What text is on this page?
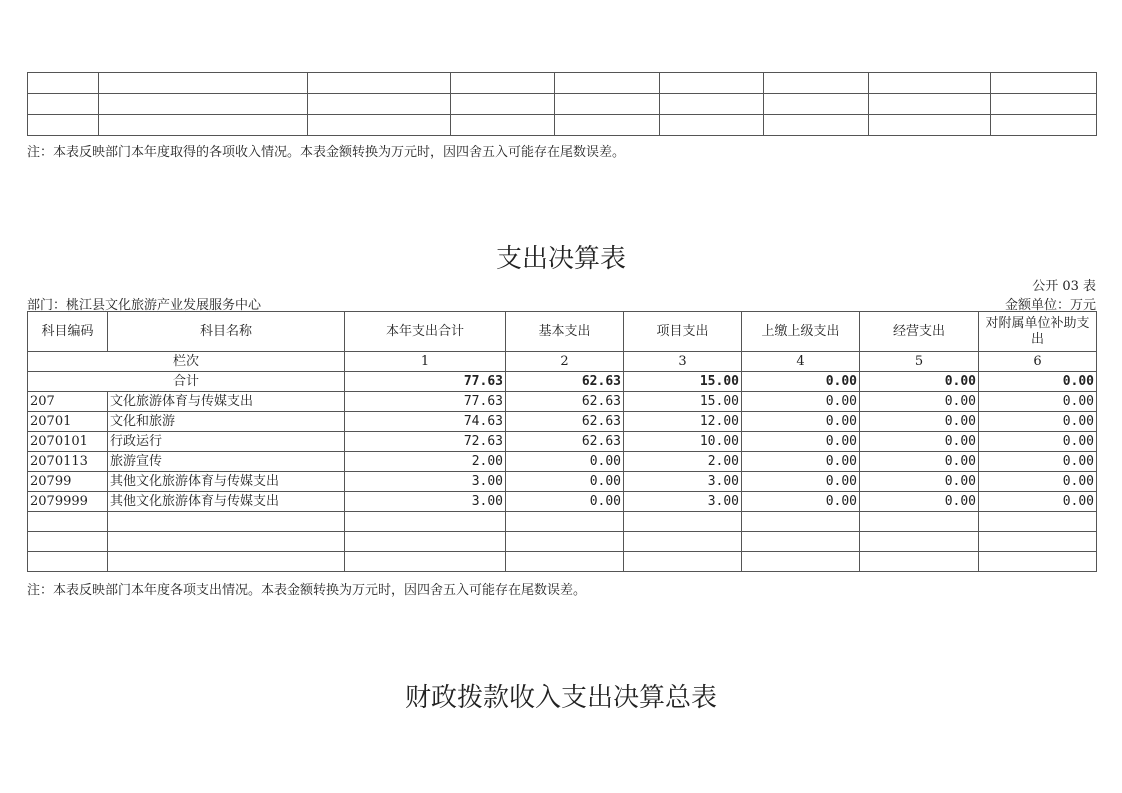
注：本表反映部门本年度取得的各项收入情况。本表金额转换为万元时，因四舍五入可能存在尾数误差。
支出决算表
公开 03 表
部门：桃江县文化旅游产业发展服务中心	金额单位：万元
科目编码	科目名称	本年支出合计	基本支出	项目支出	上缴上级支出	经营支出	对附属单位补助支出
栏次		1	2	3	4	5	6
合计		77.63	62.63	15.00	0.00	0.00	0.00
207	文化旅游体育与传媒支出	77.63	62.63	15.00	0.00	0.00	0.00
20701	文化和旅游	74.63	62.63	12.00	0.00	0.00	0.00
2070101	行政运行	72.63	62.63	10.00	0.00	0.00	0.00
2070113	旅游宣传	2.00	0.00	2.00	0.00	0.00	0.00
20799	其他文化旅游体育与传媒支出	3.00	0.00	3.00	0.00	0.00	0.00
2079999	其他文化旅游体育与传媒支出	3.00	0.00	3.00	0.00	0.00	0.00

注：本表反映部门本年度各项支出情况。本表金额转换为万元时，因四舍五入可能存在尾数误差。
财政拨款收入支出决算总表
